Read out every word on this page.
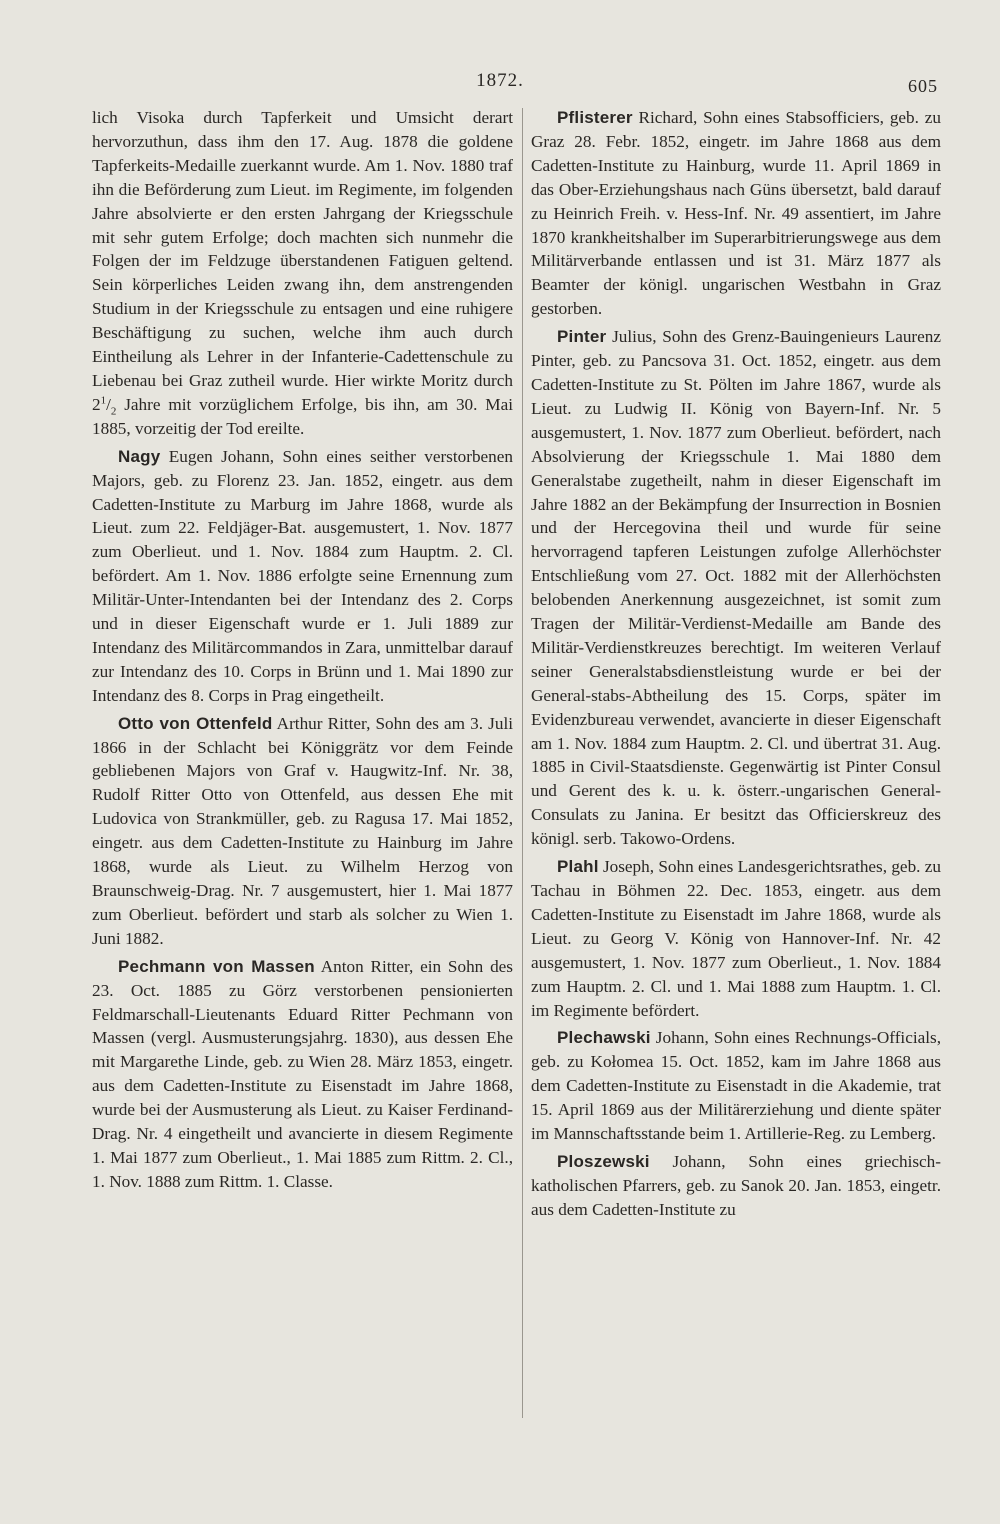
1872.	605

lich Visoka durch Tapferkeit und Umsicht derart hervorzuthun, dass ihm den 17. Aug. 1878 die goldene Tapferkeits-Medaille zuerkannt wurde. Am 1. Nov. 1880 traf ihn die Beförderung zum Lieut. im Regimente, im folgenden Jahre absolvierte er den ersten Jahrgang der Kriegsschule mit sehr gutem Erfolge; doch machten sich nunmehr die Folgen der im Feldzuge überstandenen Fatiguen geltend. Sein körperliches Leiden zwang ihn, dem anstrengenden Studium in der Kriegsschule zu entsagen und eine ruhigere Beschäftigung zu suchen, welche ihm auch durch Eintheilung als Lehrer in der Infanterie-Cadettenschule zu Liebenau bei Graz zutheil wurde. Hier wirkte Moritz durch $2^1/_2$ Jahre mit vorzüglichem Erfolge, bis ihn, am 30. Mai 1885, vorzeitig der Tod ereilte.

Nagy Eugen Johann, Sohn eines seither verstorbenen Majors, geb. zu Florenz 23. Jan. 1852, eingetr. aus dem Cadetten-Institute zu Marburg im Jahre 1868, wurde als Lieut. zum 22. Feldjäger-Bat. ausgemustert, 1. Nov. 1877 zum Oberlieut. und 1. Nov. 1884 zum Hauptm. 2. Cl. befördert. Am 1. Nov. 1886 erfolgte seine Ernennung zum Militär-Unter-Intendanten bei der Intendanz des 2. Corps und in dieser Eigenschaft wurde er 1. Juli 1889 zur Intendanz des Militärcommandos in Zara, unmittelbar darauf zur Intendanz des 10. Corps in Brünn und 1. Mai 1890 zur Intendanz des 8. Corps in Prag eingetheilt.

Otto von Ottenfeld Arthur Ritter, Sohn des am 3. Juli 1866 in der Schlacht bei Königgrätz vor dem Feinde gebliebenen Majors von Graf v. Haugwitz-Inf. Nr. 38, Rudolf Ritter Otto von Ottenfeld, aus dessen Ehe mit Ludovica von Strankmüller, geb. zu Ragusa 17. Mai 1852, eingetr. aus dem Cadetten-Institute zu Hainburg im Jahre 1868, wurde als Lieut. zu Wilhelm Herzog von Braunschweig-Drag. Nr. 7 ausgemustert, hier 1. Mai 1877 zum Oberlieut. befördert und starb als solcher zu Wien 1. Juni 1882.

Pechmann von Massen Anton Ritter, ein Sohn des 23. Oct. 1885 zu Görz verstorbenen pensionierten Feldmarschall-Lieutenants Eduard Ritter Pechmann von Massen (vergl. Ausmusterungsjahrg. 1830), aus dessen Ehe mit Margarethe Linde, geb. zu Wien 28. März 1853, eingetr. aus dem Cadetten-Institute zu Eisenstadt im Jahre 1868, wurde bei der Ausmusterung als Lieut. zu Kaiser Ferdinand-Drag. Nr. 4 eingetheilt und avancierte in diesem Regimente 1. Mai 1877 zum Oberlieut., 1. Mai 1885 zum Rittm. 2. Cl., 1. Nov. 1888 zum Rittm. 1. Classe.

Pflisterer Richard, Sohn eines Stabsofficiers, geb. zu Graz 28. Febr. 1852, eingetr. im Jahre 1868 aus dem Cadetten-Institute zu Hainburg, wurde 11. April 1869 in das Ober-Erziehungshaus nach Güns übersetzt, bald darauf zu Heinrich Freih. v. Hess-Inf. Nr. 49 assentiert, im Jahre 1870 krankheitshalber im Superarbitrierungswege aus dem Militärverbande entlassen und ist 31. März 1877 als Beamter der königl. ungarischen Westbahn in Graz gestorben.

Pinter Julius, Sohn des Grenz-Bauingenieurs Laurenz Pinter, geb. zu Pancsova 31. Oct. 1852, eingetr. aus dem Cadetten-Institute zu St. Pölten im Jahre 1867, wurde als Lieut. zu Ludwig II. König von Bayern-Inf. Nr. 5 ausgemustert, 1. Nov. 1877 zum Oberlieut. befördert, nach Absolvierung der Kriegsschule 1. Mai 1880 dem Generalstabe zugetheilt, nahm in dieser Eigenschaft im Jahre 1882 an der Bekämpfung der Insurrection in Bosnien und der Hercegovina theil und wurde für seine hervorragend tapferen Leistungen zufolge Allerhöchster Entschließung vom 27. Oct. 1882 mit der Allerhöchsten belobenden Anerkennung ausgezeichnet, ist somit zum Tragen der Militär-Verdienst-Medaille am Bande des Militär-Verdienstkreuzes berechtigt. Im weiteren Verlauf seiner Generalstabsdienstleistung wurde er bei der General-stabs-Abtheilung des 15. Corps, später im Evidenzbureau verwendet, avancierte in dieser Eigenschaft am 1. Nov. 1884 zum Hauptm. 2. Cl. und übertrat 31. Aug. 1885 in Civil-Staatsdienste. Gegenwärtig ist Pinter Consul und Gerent des k. u. k. österr.-ungarischen General-Consulats zu Janina. Er besitzt das Officierskreuz des königl. serb. Takowo-Ordens.

Plahl Joseph, Sohn eines Landesgerichtsrathes, geb. zu Tachau in Böhmen 22. Dec. 1853, eingetr. aus dem Cadetten-Institute zu Eisenstadt im Jahre 1868, wurde als Lieut. zu Georg V. König von Hannover-Inf. Nr. 42 ausgemustert, 1. Nov. 1877 zum Oberlieut., 1. Nov. 1884 zum Hauptm. 2. Cl. und 1. Mai 1888 zum Hauptm. 1. Cl. im Regimente befördert.

Plechawski Johann, Sohn eines Rechnungs-Officials, geb. zu Kołomea 15. Oct. 1852, kam im Jahre 1868 aus dem Cadetten-Institute zu Eisenstadt in die Akademie, trat 15. April 1869 aus der Militärerziehung und diente später im Mannschaftsstande beim 1. Artillerie-Reg. zu Lemberg.

Ploszewski Johann, Sohn eines griechisch-katholischen Pfarrers, geb. zu Sanok 20. Jan. 1853, eingetr. aus dem Cadetten-Institute zu
